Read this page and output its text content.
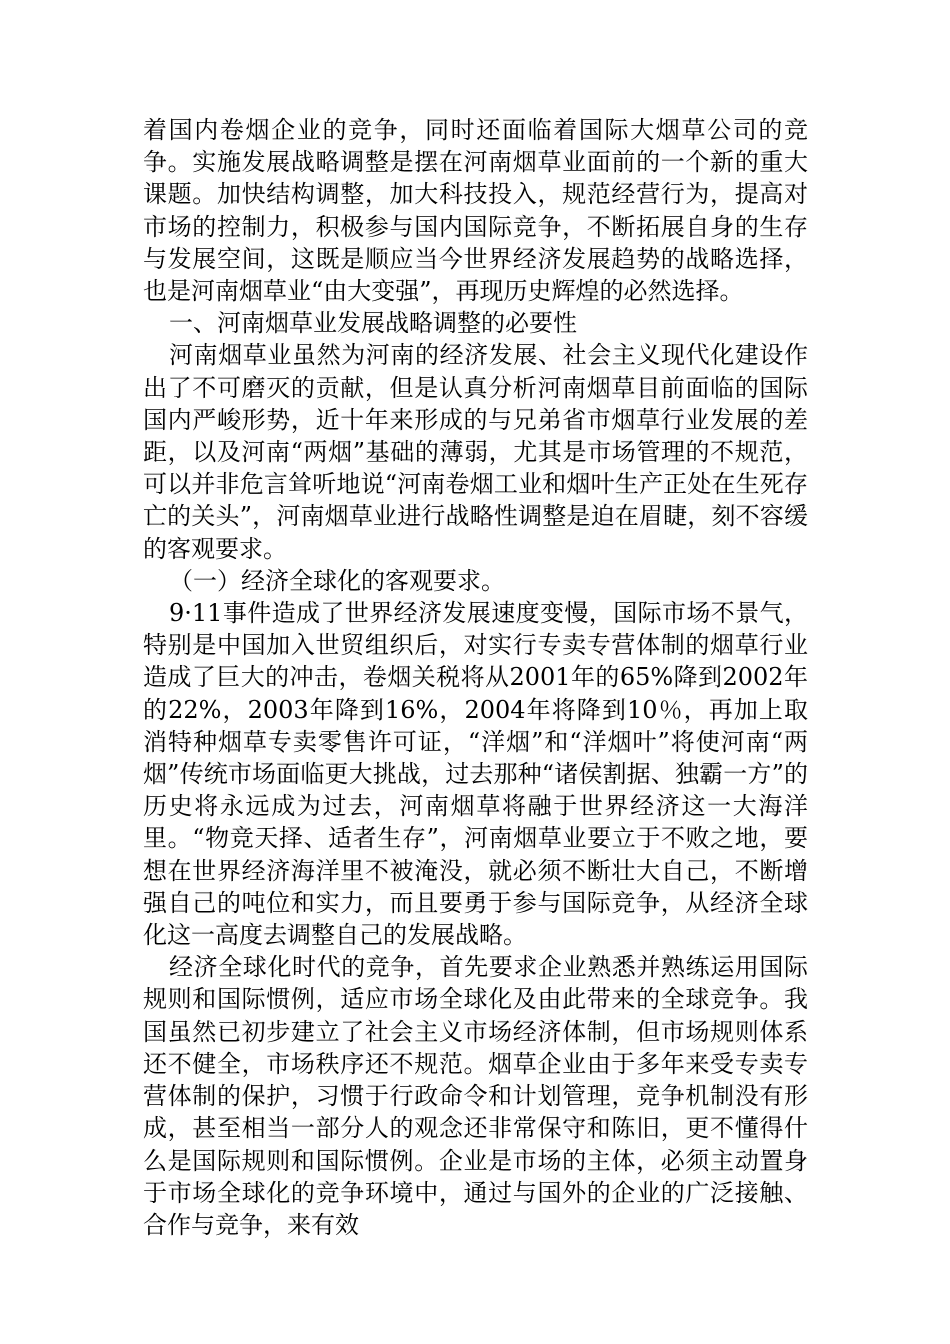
着国内卷烟企业的竞争，同时还面临着国际大烟草公司的竞争。实施发展战略调整是摆在河南烟草业面前的一个新的重大课题。加快结构调整，加大科技投入，规范经营行为，提高对市场的控制力，积极参与国内国际竞争，不断拓展自身的生存与发展空间，这既是顺应当今世界经济发展趋势的战略选择，也是河南烟草业“由大变强”，再现历史辉煌的必然选择。

一、河南烟草业发展战略调整的必要性

河南烟草业虽然为河南的经济发展、社会主义现代化建设作出了不可磨灭的贡献，但是认真分析河南烟草目前面临的国际国内严峻形势，近十年来形成的与兄弟省市烟草行业发展的差距，以及河南“两烟”基础的薄弱，尤其是市场管理的不规范，可以并非危言耸听地说“河南卷烟工业和烟叶生产正处在生死存亡的关头”，河南烟草业进行战略性调整是迫在眉睫，刻不容缓的客观要求。

（一）经济全球化的客观要求。

9·11事件造成了世界经济发展速度变慢，国际市场不景气，特别是中国加入世贸组织后，对实行专卖专营体制的烟草行业造成了巨大的冲击，卷烟关税将从2001年的65%降到2002年的22%，2003年降到16%，2004年将降到10％，再加上取消特种烟草专卖零售许可证，“洋烟”和“洋烟叶”将使河南“两烟”传统市场面临更大挑战，过去那种“诸侯割据、独霸一方”的历史将永远成为过去，河南烟草将融于世界经济这一大海洋里。“物竞天择、适者生存”，河南烟草业要立于不败之地，要想在世界经济海洋里不被淹没，就必须不断壮大自己，不断增强自己的吨位和实力，而且要勇于参与国际竞争，从经济全球化这一高度去调整自己的发展战略。

经济全球化时代的竞争，首先要求企业熟悉并熟练运用国际规则和国际惯例，适应市场全球化及由此带来的全球竞争。我国虽然已初步建立了社会主义市场经济体制，但市场规则体系还不健全，市场秩序还不规范。烟草企业由于多年来受专卖专营体制的保护，习惯于行政命令和计划管理，竞争机制没有形成，甚至相当一部分人的观念还非常保守和陈旧，更不懂得什么是国际规则和国际惯例。企业是市场的主体，必须主动置身于市场全球化的竞争环境中，通过与国外的企业的广泛接触、合作与竞争，来有效
